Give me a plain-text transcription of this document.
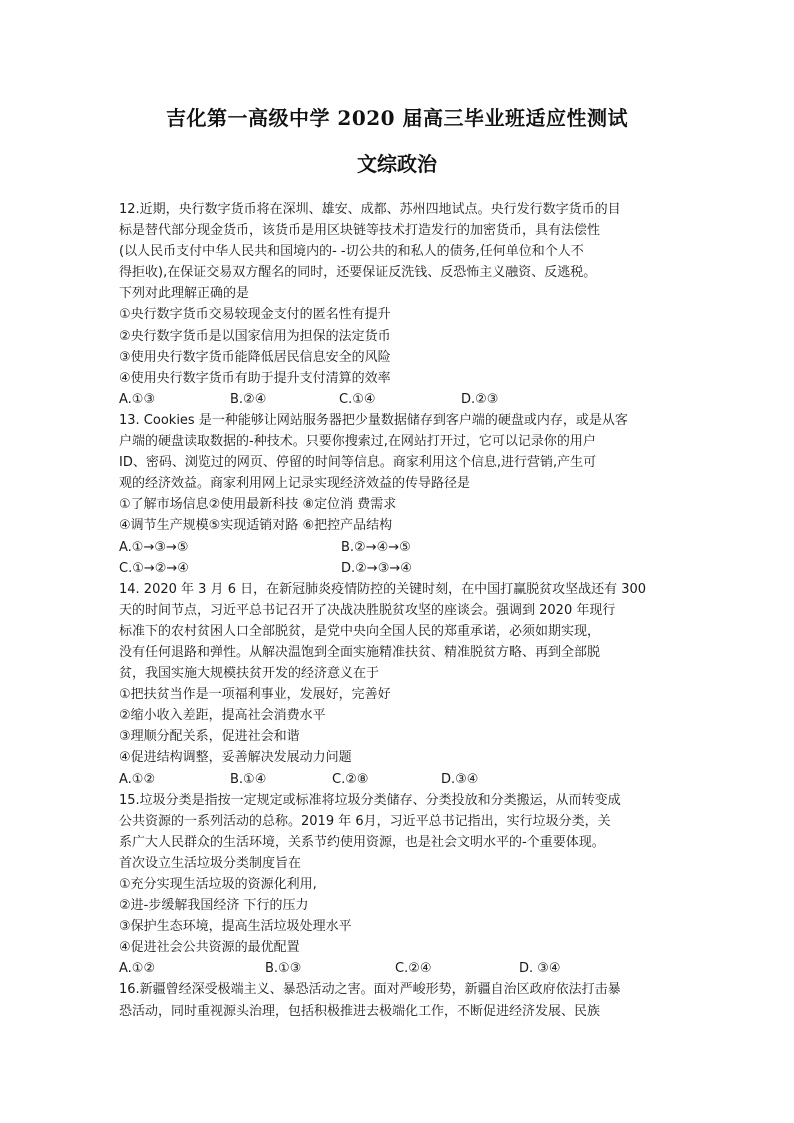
吉化第一高级中学 2020 届高三毕业班适应性测试
文综政治
12.近期，央行数字货币将在深圳、雄安、成都、苏州四地试点。央行发行数字货币的目
标是替代部分现金货币，该货币是用区块链等技术打造发行的加密货币，具有法偿性
(以人民币支付中华人民共和国境内的- -切公共的和私人的债务,任何单位和个人不
得拒收),在保证交易双方醒名的同时，还要保证反洗钱、反恐怖主义融资、反逃税。
下列对此理解正确的是
①央行数字货币交易较现金支付的匿名性有提升
②央行数字货币是以国家信用为担保的法定货币
③使用央行数字货币能降低居民信息安全的风险
④使用央行数字货币有助于提升支付清算的效率
A.①③	B.②④	C.①④	D.②③
13. Cookies 是一种能够让网站服务器把少量数据储存到客户端的硬盘或内存，或是从客
户端的硬盘读取数据的-种技术。只要你搜索过,在网站打开过，它可以记录你的用户
ID、密码、浏览过的网页、停留的时间等信息。商家利用这个信息,进行营销,产生可
观的经济效益。商家利用网上记录实现经济效益的传导路径是
①了解市场信息②使用最新科技 ⑧定位消 费需求
④调节生产规模⑤实现适销对路 ⑥把控产品结构
A.①→③→⑤	B.②→④→⑤
C.①→②→④	D.②→③→④
14. 2020 年 3 月 6 日，在新冠肺炎疫情防控的关键时刻，在中国打赢脱贫攻坚战还有 300
天的时间节点，习近平总书记召开了决战决胜脱贫攻坚的座谈会。强调到 2020 年现行
标准下的农村贫困人口全部脱贫，是党中央向全国人民的郑重承诺，必须如期实现，
没有任何退路和弹性。从解决温饱到全面实施精准扶贫、精准脱贫方略、再到全部脱
贫，我国实施大规模扶贫开发的经济意义在于
①把扶贫当作是一项福利事业，发展好，完善好
②缩小收入差距，提高社会消费水平
③理顺分配关系，促进社会和谐
④促进结构调整，妥善解决发展动力问题
A.①②	B.①④	C.②⑧	D.③④
15.垃圾分类是指按一定规定或标准将垃圾分类储存、分类投放和分类搬运，从而转变成
公共资源的一系列活动的总称。2019 年 6月，习近平总书记指出，实行垃圾分类，关
系广大人民群众的生活环境，关系节约使用资源，也是社会文明水平的-个重要体现。
首次设立生活垃圾分类制度旨在
①充分实现生活垃圾的资源化利用,
②进-步缓解我国经济 下行的压力
③保护生态环境，提高生活垃圾处理水平
④促进社会公共资源的最优配置
A.①②	B.①③	C.②④	D. ③④
16.新疆曾经深受极端主义、暴恐活动之害。面对严峻形势，新疆自治区政府依法打击暴
恐活动，同时重视源头治理，包括积极推进去极端化工作，不断促进经济发展、民族
